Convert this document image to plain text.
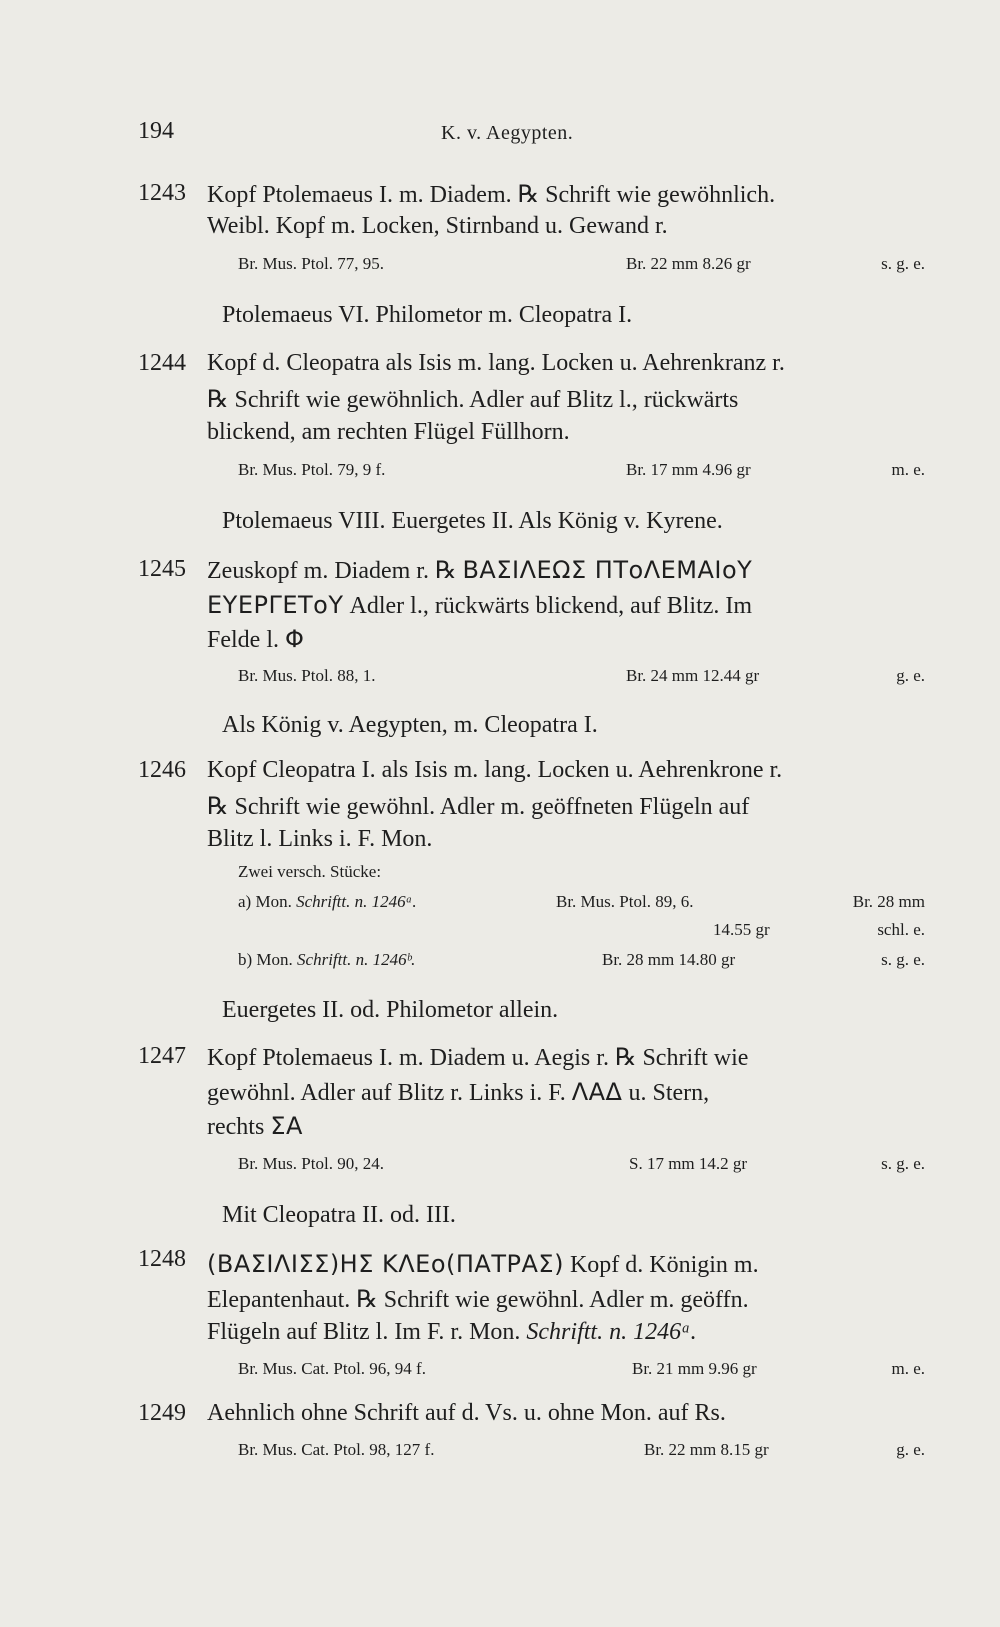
194	K. v. Aegypten.
1243 Kopf Ptolemaeus I. m. Diadem. ℞ Schrift wie gewöhnlich.
Weibl. Kopf m. Locken, Stirnband u. Gewand r.
Br. Mus. Ptol. 77, 95.	Br. 22 mm 8.26 gr	s. g. e.
Ptolemaeus VI. Philometor m. Cleopatra I.
1244 Kopf d. Cleopatra als Isis m. lang. Locken u. Aehrenkranz r.
℞ Schrift wie gewöhnlich. Adler auf Blitz l., rückwärts
blickend, am rechten Flügel Füllhorn.
Br. Mus. Ptol. 79, 9 f.	Br. 17 mm 4.96 gr	m. e.
Ptolemaeus VIII. Euergetes II. Als König v. Kyrene.
1245 Zeuskopf m. Diadem r. ℞ ΒΑΣΙΛΕΩΣ ΠΤοΛΕΜΑΙοΥ
ΕΥΕΡΓΕΤοΥ Adler l., rückwärts blickend, auf Blitz. Im
Felde l. Φ
Br. Mus. Ptol. 88, 1.	Br. 24 mm 12.44 gr	g. e.
Als König v. Aegypten, m. Cleopatra I.
1246 Kopf Cleopatra I. als Isis m. lang. Locken u. Aehrenkrone r.
℞ Schrift wie gewöhnl. Adler m. geöffneten Flügeln auf
Blitz l. Links i. F. Mon.
Zwei versch. Stücke:
a) Mon. Schriftt. n. 1246ᵃ.	Br. Mus. Ptol. 89, 6.	Br. 28 mm
14.55 gr	schl. e.
b) Mon. Schriftt. n. 1246ᵇ.	Br. 28 mm 14.80 gr	s. g. e.
Euergetes II. od. Philometor allein.
1247 Kopf Ptolemaeus I. m. Diadem u. Aegis r. ℞ Schrift wie
gewöhnl. Adler auf Blitz r. Links i. F. ΛΑΔ u. Stern,
rechts ΣΑ
Br. Mus. Ptol. 90, 24.	S. 17 mm 14.2 gr	s. g. e.
Mit Cleopatra II. od. III.
1248 (ΒΑΣΙΛΙΣΣ)ΗΣ ΚΛΕο(ΠΑΤΡΑΣ) Kopf d. Königin m.
Elepantenhaut. ℞ Schrift wie gewöhnl. Adler m. geöffn.
Flügeln auf Blitz l. Im F. r. Mon. Schriftt. n. 1246ᵃ.
Br. Mus. Cat. Ptol. 96, 94 f.	Br. 21 mm 9.96 gr	m. e.
1249 Aehnlich ohne Schrift auf d. Vs. u. ohne Mon. auf Rs.
Br. Mus. Cat. Ptol. 98, 127 f.	Br. 22 mm 8.15 gr	g. e.
